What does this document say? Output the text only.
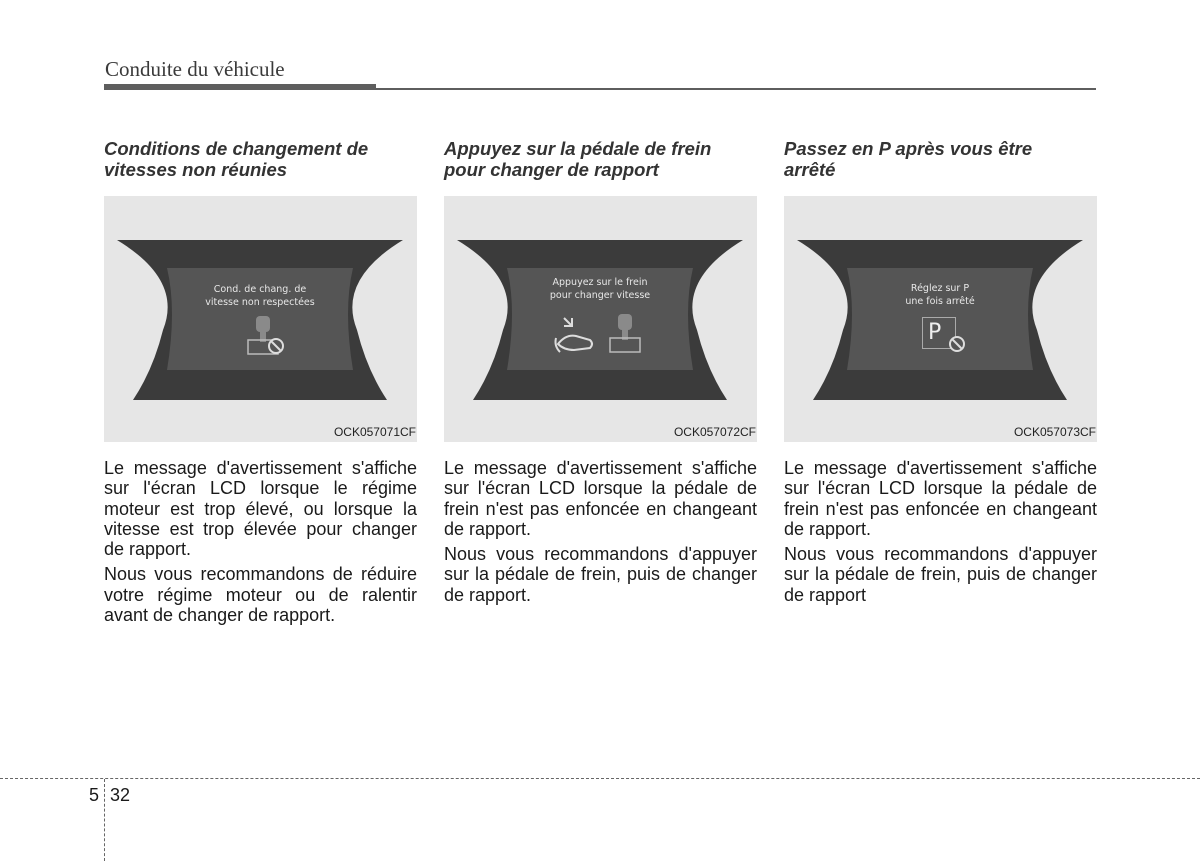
Conduite du véhicule
Conditions de changement de
vitesses non réunies
Cond. de chang. de
vitesse non respectées
OCK057071CF

Le message d'avertissement s'affiche sur l'écran LCD lorsque le régime moteur est trop élevé, ou lorsque la vitesse est trop élevée pour changer de rapport.

Nous vous recommandons de réduire votre régime moteur ou de ralentir avant de changer de rapport.

Appuyez sur la pédale de frein
pour changer de rapport
Appuyez sur le frein
pour changer vitesse
OCK057072CF

Le message d'avertissement s'affiche sur l'écran LCD lorsque la pédale de frein n'est pas enfoncée en changeant de rapport.

Nous vous recommandons d'appuyer sur la pédale de frein, puis de changer de rapport.

Passez en P après vous être
arrêté
Réglez sur P
une fois arrêté
P
OCK057073CF

Le message d'avertissement s'affiche sur l'écran LCD lorsque la pédale de frein n'est pas enfoncée en changeant de rapport.

Nous vous recommandons d'appuyer sur la pédale de frein, puis de changer de rapport

5 32
